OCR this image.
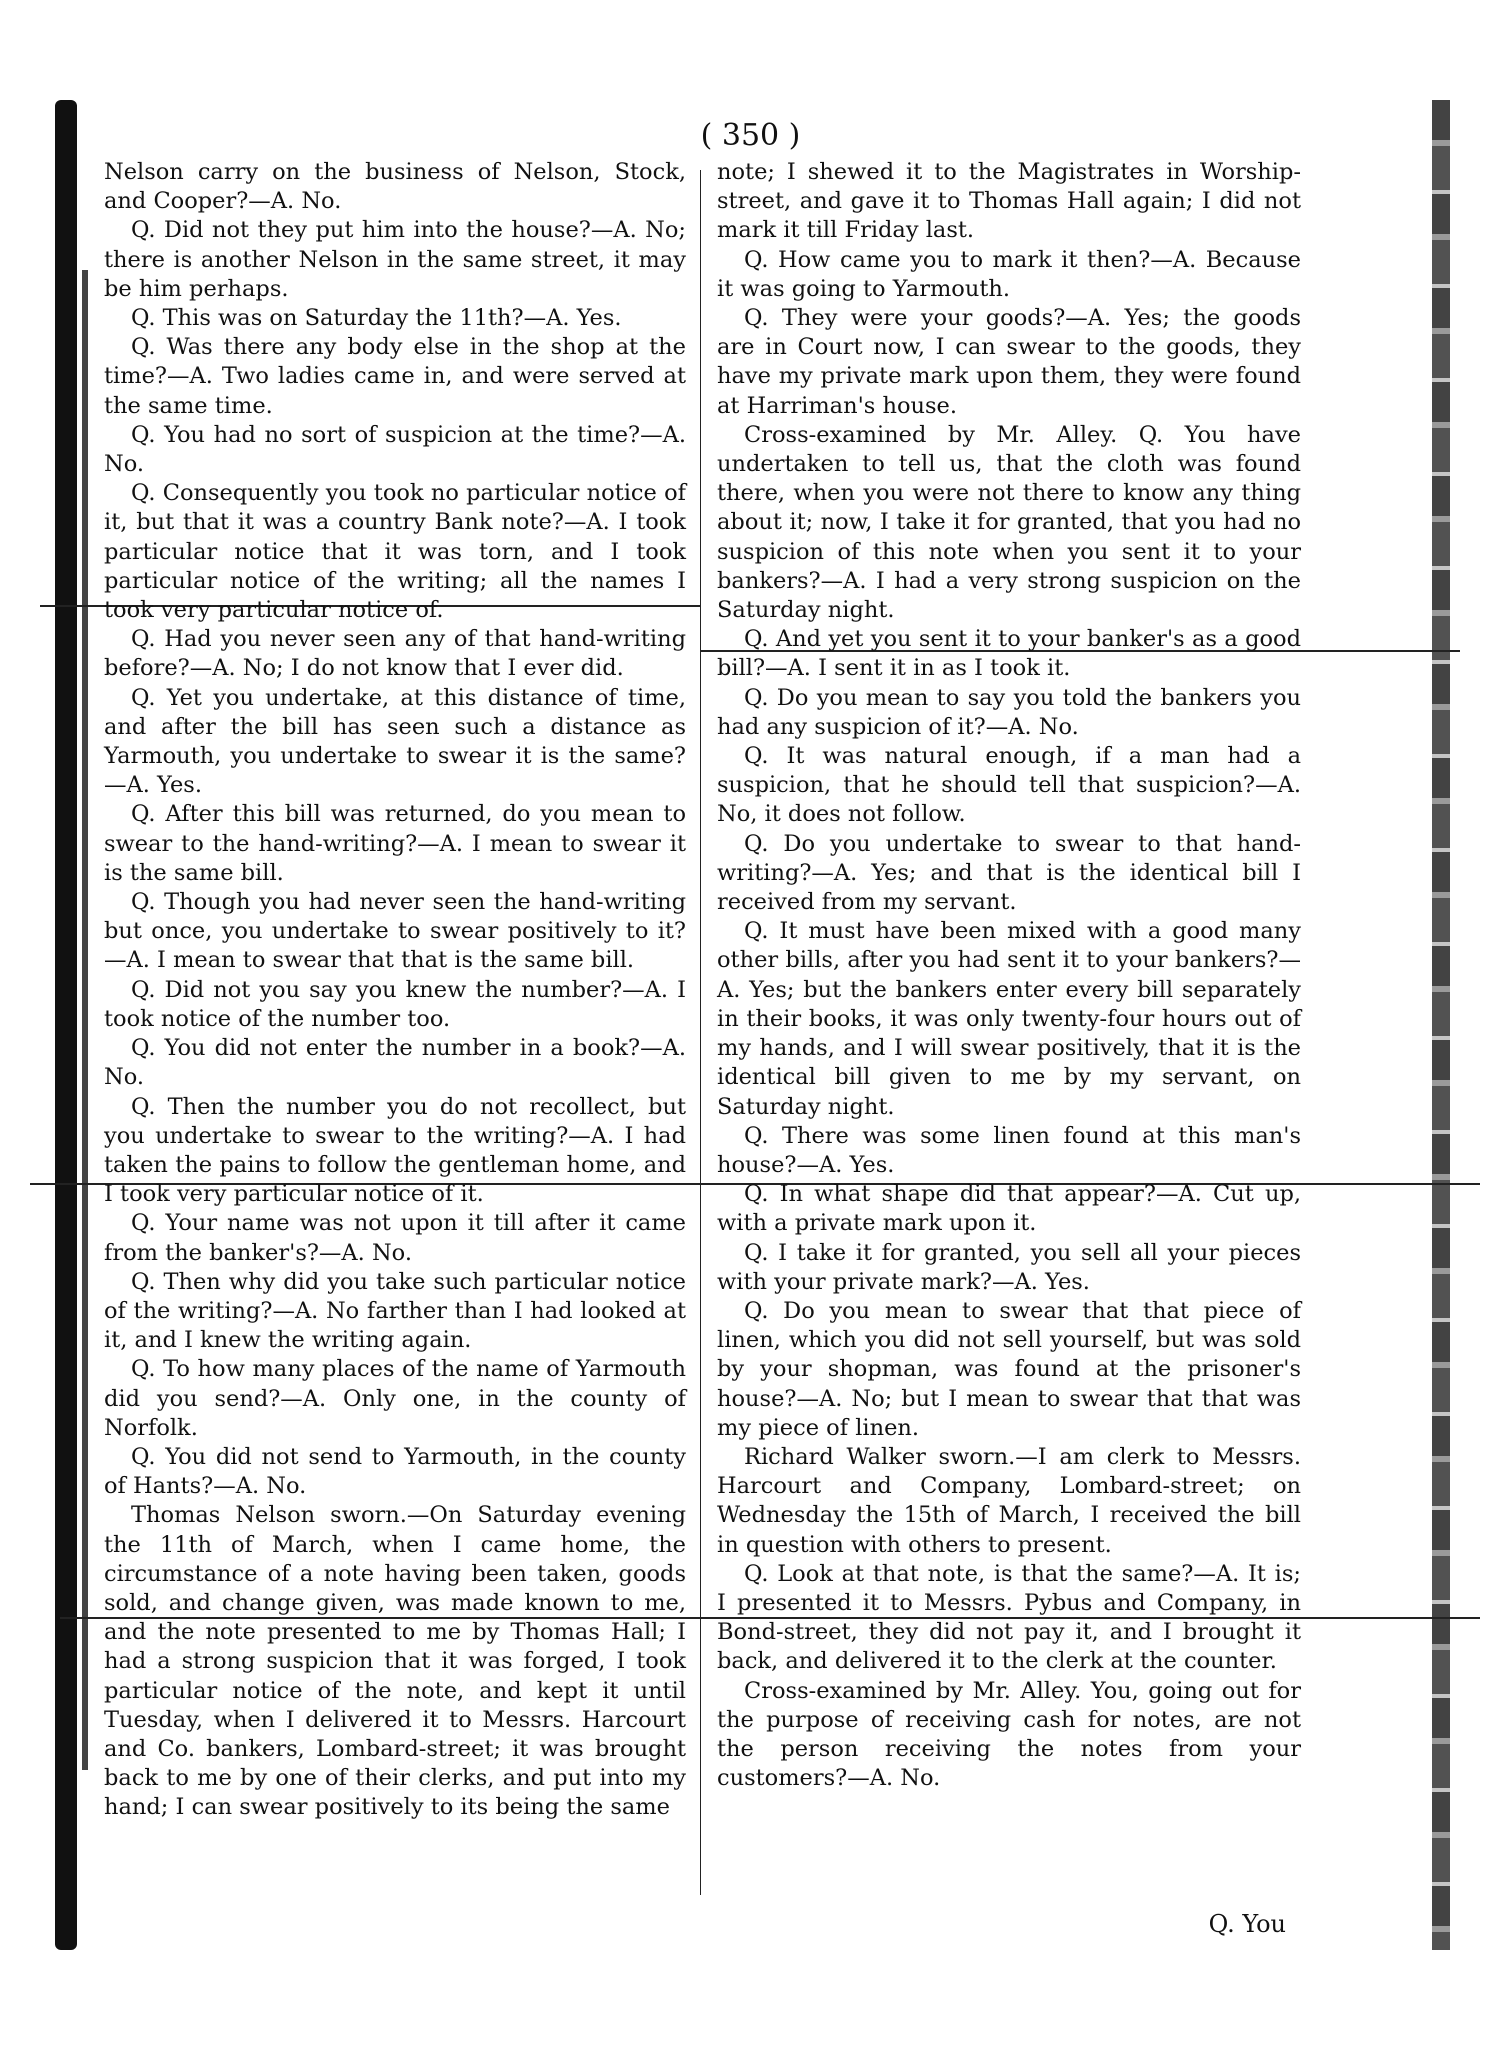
( 350 )

Nelson carry on the business of Nelson, Stock, and Cooper?—A. No.

Q. Did not they put him into the house?—A. No; there is another Nelson in the same street, it may be him perhaps.

Q. This was on Saturday the 11th?—A. Yes.

Q. Was there any body else in the shop at the time?—A. Two ladies came in, and were served at the same time.

Q. You had no sort of suspicion at the time?—A. No.

Q. Consequently you took no particular notice of it, but that it was a country Bank note?—A. I took particular notice that it was torn, and I took particular notice of the writing; all the names I took very particular notice of.

Q. Had you never seen any of that hand-writing before?—A. No; I do not know that I ever did.

Q. Yet you undertake, at this distance of time, and after the bill has seen such a distance as Yarmouth, you undertake to swear it is the same?—A. Yes.

Q. After this bill was returned, do you mean to swear to the hand-writing?—A. I mean to swear it is the same bill.

Q. Though you had never seen the hand-writing but once, you undertake to swear positively to it?—A. I mean to swear that that is the same bill.

Q. Did not you say you knew the number?—A. I took notice of the number too.

Q. You did not enter the number in a book?—A. No.

Q. Then the number you do not recollect, but you undertake to swear to the writing?—A. I had taken the pains to follow the gentleman home, and I took very particular notice of it.

Q. Your name was not upon it till after it came from the banker's?—A. No.

Q. Then why did you take such particular notice of the writing?—A. No farther than I had looked at it, and I knew the writing again.

Q. To how many places of the name of Yarmouth did you send?—A. Only one, in the county of Norfolk.

Q. You did not send to Yarmouth, in the county of Hants?—A. No.

Thomas Nelson sworn.—On Saturday evening the 11th of March, when I came home, the circumstance of a note having been taken, goods sold, and change given, was made known to me, and the note presented to me by Thomas Hall; I had a strong suspicion that it was forged, I took particular notice of the note, and kept it until Tuesday, when I delivered it to Messrs. Harcourt and Co. bankers, Lombard-street; it was brought back to me by one of their clerks, and put into my hand; I can swear positively to its being the same

note; I shewed it to the Magistrates in Worship-street, and gave it to Thomas Hall again; I did not mark it till Friday last.

Q. How came you to mark it then?—A. Because it was going to Yarmouth.

Q. They were your goods?—A. Yes; the goods are in Court now, I can swear to the goods, they have my private mark upon them, they were found at Harriman's house.

Cross-examined by Mr. Alley. Q. You have undertaken to tell us, that the cloth was found there, when you were not there to know any thing about it; now, I take it for granted, that you had no suspicion of this note when you sent it to your bankers?—A. I had a very strong suspicion on the Saturday night.

Q. And yet you sent it to your banker's as a good bill?—A. I sent it in as I took it.

Q. Do you mean to say you told the bankers you had any suspicion of it?—A. No.

Q. It was natural enough, if a man had a suspicion, that he should tell that suspicion?—A. No, it does not follow.

Q. Do you undertake to swear to that hand-writing?—A. Yes; and that is the identical bill I received from my servant.

Q. It must have been mixed with a good many other bills, after you had sent it to your bankers?—A. Yes; but the bankers enter every bill separately in their books, it was only twenty-four hours out of my hands, and I will swear positively, that it is the identical bill given to me by my servant, on Saturday night.

Q. There was some linen found at this man's house?—A. Yes.

Q. In what shape did that appear?—A. Cut up, with a private mark upon it.

Q. I take it for granted, you sell all your pieces with your private mark?—A. Yes.

Q. Do you mean to swear that that piece of linen, which you did not sell yourself, but was sold by your shopman, was found at the prisoner's house?—A. No; but I mean to swear that that was my piece of linen.

Richard Walker sworn.—I am clerk to Messrs. Harcourt and Company, Lombard-street; on Wednesday the 15th of March, I received the bill in question with others to present.

Q. Look at that note, is that the same?—A. It is; I presented it to Messrs. Pybus and Company, in Bond-street, they did not pay it, and I brought it back, and delivered it to the clerk at the counter.

Cross-examined by Mr. Alley. You, going out for the purpose of receiving cash for notes, are not the person receiving the notes from your customers?—A. No.

Q. You
